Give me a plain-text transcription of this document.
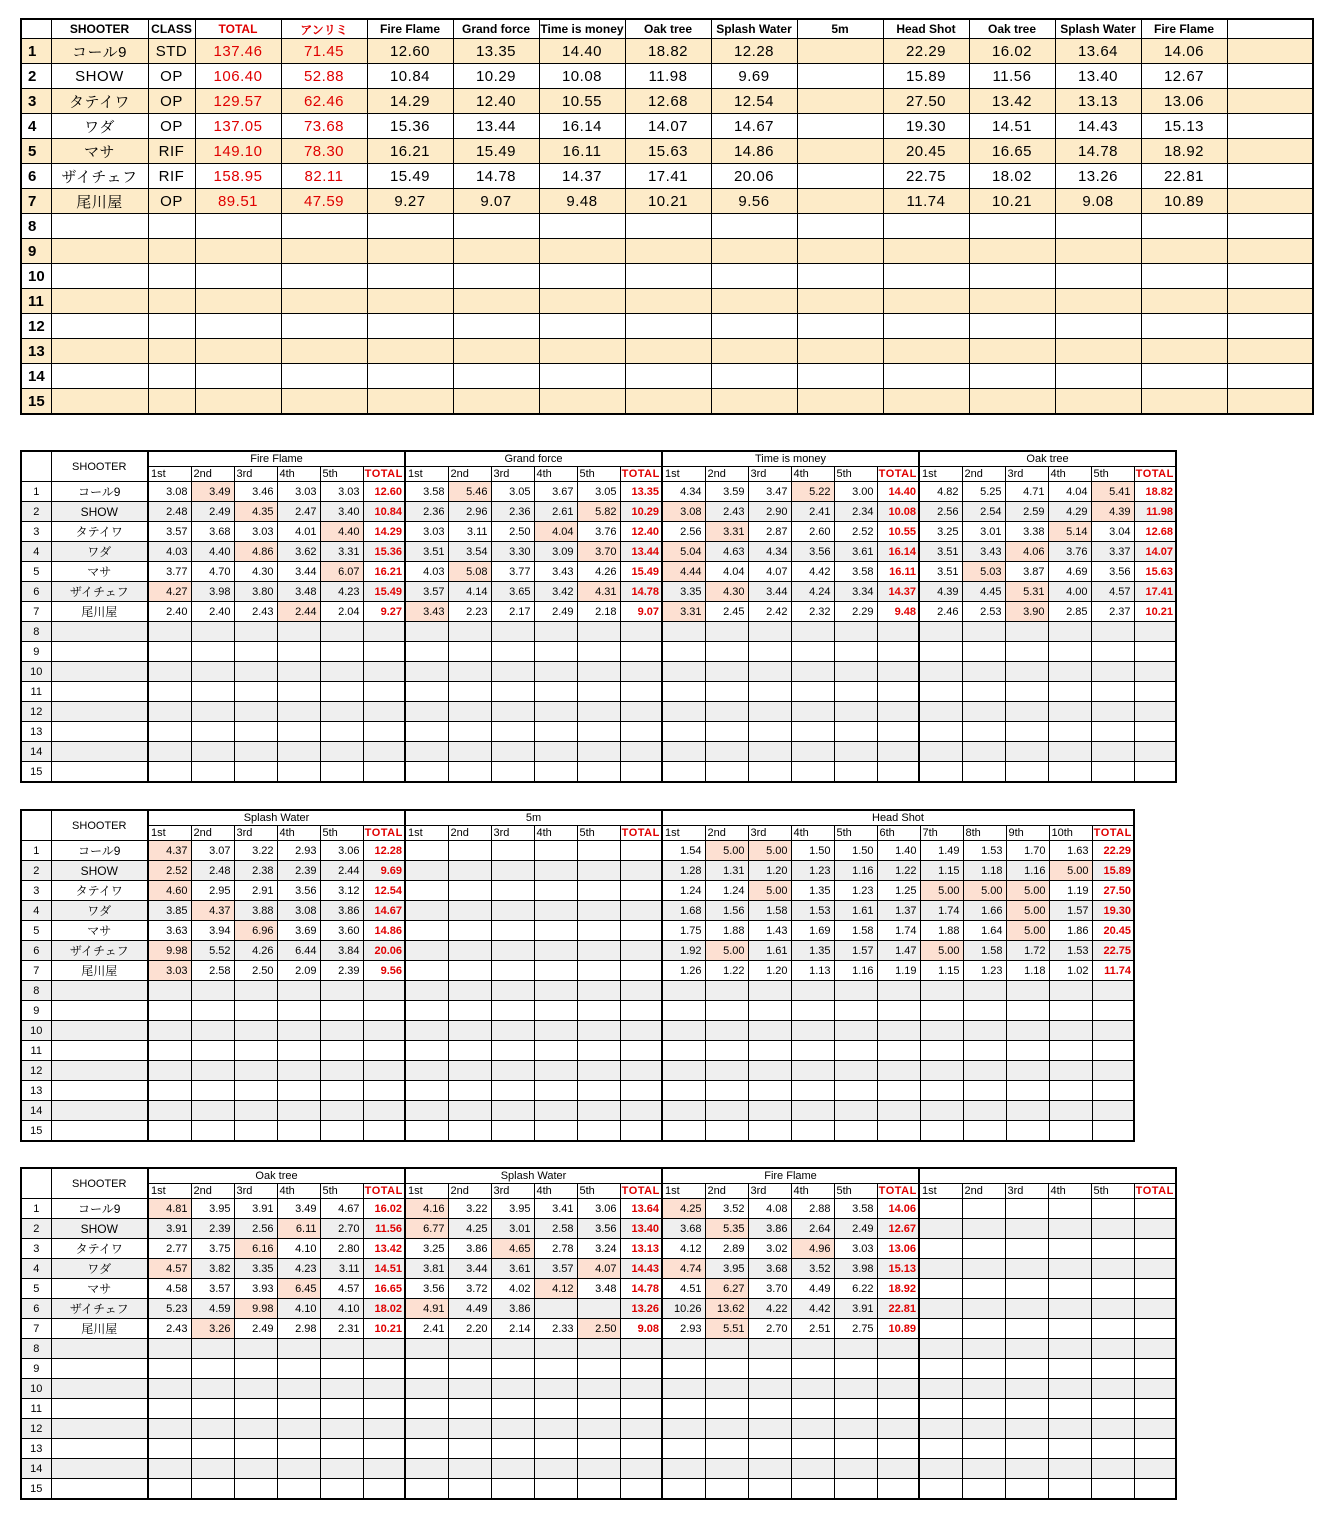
	SHOOTER	CLASS	TOTAL	アンリミ	Fire Flame	Grand force	Time is money	Oak tree	Splash Water	5m	Head Shot	Oak tree	Splash Water	Fire Flame	
1	コール9	STD	137.46	71.45	12.60	13.35	14.40	18.82	12.28		22.29	16.02	13.64	14.06	
2	SHOW	OP	106.40	52.88	10.84	10.29	10.08	11.98	9.69		15.89	11.56	13.40	12.67	
3	タテイワ	OP	129.57	62.46	14.29	12.40	10.55	12.68	12.54		27.50	13.42	13.13	13.06	
4	ワダ	OP	137.05	73.68	15.36	13.44	16.14	14.07	14.67		19.30	14.51	14.43	15.13	
5	マサ	RIF	149.10	78.30	16.21	15.49	16.11	15.63	14.86		20.45	16.65	14.78	18.92	
6	ザイチェフ	RIF	158.95	82.11	15.49	14.78	14.37	17.41	20.06		22.75	18.02	13.26	22.81	
7	尾川屋	OP	89.51	47.59	9.27	9.07	9.48	10.21	9.56		11.74	10.21	9.08	10.89	
8															
9															
10															
11															
12															
13															
14															
15															
	SHOOTER	Fire Flame						Grand force						Time is money						Oak tree					
		1st	2nd	3rd	4th	5th	TOTAL	1st	2nd	3rd	4th	5th	TOTAL	1st	2nd	3rd	4th	5th	TOTAL	1st	2nd	3rd	4th	5th	TOTAL
1	コール9	3.08	3.49	3.46	3.03	3.03	12.60	3.58	5.46	3.05	3.67	3.05	13.35	4.34	3.59	3.47	5.22	3.00	14.40	4.82	5.25	4.71	4.04	5.41	18.82
2	SHOW	2.48	2.49	4.35	2.47	3.40	10.84	2.36	2.96	2.36	2.61	5.82	10.29	3.08	2.43	2.90	2.41	2.34	10.08	2.56	2.54	2.59	4.29	4.39	11.98
3	タテイワ	3.57	3.68	3.03	4.01	4.40	14.29	3.03	3.11	2.50	4.04	3.76	12.40	2.56	3.31	2.87	2.60	2.52	10.55	3.25	3.01	3.38	5.14	3.04	12.68
4	ワダ	4.03	4.40	4.86	3.62	3.31	15.36	3.51	3.54	3.30	3.09	3.70	13.44	5.04	4.63	4.34	3.56	3.61	16.14	3.51	3.43	4.06	3.76	3.37	14.07
5	マサ	3.77	4.70	4.30	3.44	6.07	16.21	4.03	5.08	3.77	3.43	4.26	15.49	4.44	4.04	4.07	4.42	3.58	16.11	3.51	5.03	3.87	4.69	3.56	15.63
6	ザイチェフ	4.27	3.98	3.80	3.48	4.23	15.49	3.57	4.14	3.65	3.42	4.31	14.78	3.35	4.30	3.44	4.24	3.34	14.37	4.39	4.45	5.31	4.00	4.57	17.41
7	尾川屋	2.40	2.40	2.43	2.44	2.04	9.27	3.43	2.23	2.17	2.49	2.18	9.07	3.31	2.45	2.42	2.32	2.29	9.48	2.46	2.53	3.90	2.85	2.37	10.21
8																									
9																									
10																									
11																									
12																									
13																									
14																									
15																									
	SHOOTER	Splash Water						5m						Head Shot										
		1st	2nd	3rd	4th	5th	TOTAL	1st	2nd	3rd	4th	5th	TOTAL	1st	2nd	3rd	4th	5th	6th	7th	8th	9th	10th	TOTAL
1	コール9	4.37	3.07	3.22	2.93	3.06	12.28							1.54	5.00	5.00	1.50	1.50	1.40	1.49	1.53	1.70	1.63	22.29
2	SHOW	2.52	2.48	2.38	2.39	2.44	9.69							1.28	1.31	1.20	1.23	1.16	1.22	1.15	1.18	1.16	5.00	15.89
3	タテイワ	4.60	2.95	2.91	3.56	3.12	12.54							1.24	1.24	5.00	1.35	1.23	1.25	5.00	5.00	5.00	1.19	27.50
4	ワダ	3.85	4.37	3.88	3.08	3.86	14.67							1.68	1.56	1.58	1.53	1.61	1.37	1.74	1.66	5.00	1.57	19.30
5	マサ	3.63	3.94	6.96	3.69	3.60	14.86							1.75	1.88	1.43	1.69	1.58	1.74	1.88	1.64	5.00	1.86	20.45
6	ザイチェフ	9.98	5.52	4.26	6.44	3.84	20.06							1.92	5.00	1.61	1.35	1.57	1.47	5.00	1.58	1.72	1.53	22.75
7	尾川屋	3.03	2.58	2.50	2.09	2.39	9.56							1.26	1.22	1.20	1.13	1.16	1.19	1.15	1.23	1.18	1.02	11.74
8																								
9																								
10																								
11																								
12																								
13																								
14																								
15																								
	SHOOTER	Oak tree						Splash Water						Fire Flame											
		1st	2nd	3rd	4th	5th	TOTAL	1st	2nd	3rd	4th	5th	TOTAL	1st	2nd	3rd	4th	5th	TOTAL	1st	2nd	3rd	4th	5th	TOTAL
1	コール9	4.81	3.95	3.91	3.49	4.67	16.02	4.16	3.22	3.95	3.41	3.06	13.64	4.25	3.52	4.08	2.88	3.58	14.06						
2	SHOW	3.91	2.39	2.56	6.11	2.70	11.56	6.77	4.25	3.01	2.58	3.56	13.40	3.68	5.35	3.86	2.64	2.49	12.67						
3	タテイワ	2.77	3.75	6.16	4.10	2.80	13.42	3.25	3.86	4.65	2.78	3.24	13.13	4.12	2.89	3.02	4.96	3.03	13.06						
4	ワダ	4.57	3.82	3.35	4.23	3.11	14.51	3.81	3.44	3.61	3.57	4.07	14.43	4.74	3.95	3.68	3.52	3.98	15.13						
5	マサ	4.58	3.57	3.93	6.45	4.57	16.65	3.56	3.72	4.02	4.12	3.48	14.78	4.51	6.27	3.70	4.49	6.22	18.92						
6	ザイチェフ	5.23	4.59	9.98	4.10	4.10	18.02	4.91	4.49	3.86			13.26	10.26	13.62	4.22	4.42	3.91	22.81						
7	尾川屋	2.43	3.26	2.49	2.98	2.31	10.21	2.41	2.20	2.14	2.33	2.50	9.08	2.93	5.51	2.70	2.51	2.75	10.89						
8																									
9																									
10																									
11																									
12																									
13																									
14																									
15																									
